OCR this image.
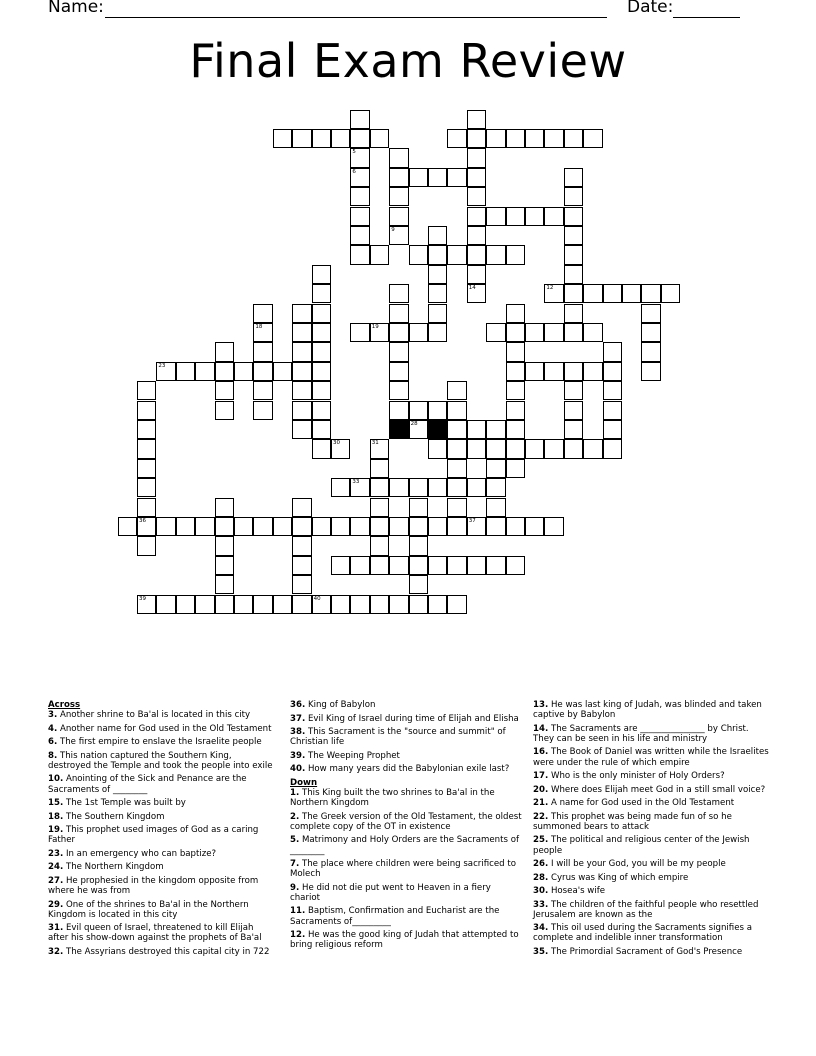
Name:	Date:
Final Exam Review
5
6
14
9
12
19
18
23
36
28
30	31
33
37
39	40
Across
3. Another shrine to Ba'al is located in this city
4. Another name for God used in the Old Testament
6. The first empire to enslave the Israelite people
8. This nation captured the Southern King, destroyed the Temple and took the people into exile
10. Anointing of the Sick and Penance are the Sacraments of ________
15. The 1st Temple was built by
18. The Southern Kingdom
19. This prophet used images of God as a caring Father
23. In an emergency who can baptize?
24. The Northern Kingdom
27. He prophesied in the kingdom opposite from where he was from
29. One of the shrines to Ba'al in the Northern Kingdom is located in this city
31. Evil queen of Israel, threatened to kill Elijah after his show-down against the prophets of Ba'al
32. The Assyrians destroyed this capital city in 722
36. King of Babylon
37. Evil King of Israel during time of Elijah and Elisha
38. This Sacrament is the "source and summit" of Christian life
39. The Weeping Prophet
40. How many years did the Babylonian exile last?
Down
1. This King built the two shrines to Ba'al in the Northern Kingdom
2. The Greek version of the Old Testament, the oldest complete copy of the OT in existence
5. Matrimony and Holy Orders are the Sacraments of ________
7. The place where children were being sacrificed to Molech
9. He did not die put went to Heaven in a fiery chariot
11. Baptism, Confirmation and Eucharist are the Sacraments of_________
12. He was the good king of Judah that attempted to bring religious reform
13. He was last king of Judah, was blinded and taken captive by Babylon
14. The Sacraments are _______________ by Christ. They can be seen in his life and ministry
16. The Book of Daniel was written while the Israelites were under the rule of which empire
17. Who is the only minister of Holy Orders?
20. Where does Elijah meet God in a still small voice?
21. A name for God used in the Old Testament
22. This prophet was being made fun of so he summoned bears to attack
25. The political and religious center of the Jewish people
26. I will be your God, you will be my people
28. Cyrus was King of which empire
30. Hosea's wife
33. The children of the faithful people who resettled Jerusalem are known as the
34. This oil used during the Sacraments signifies a complete and indelible inner transformation
35. The Primordial Sacrament of God's Presence
